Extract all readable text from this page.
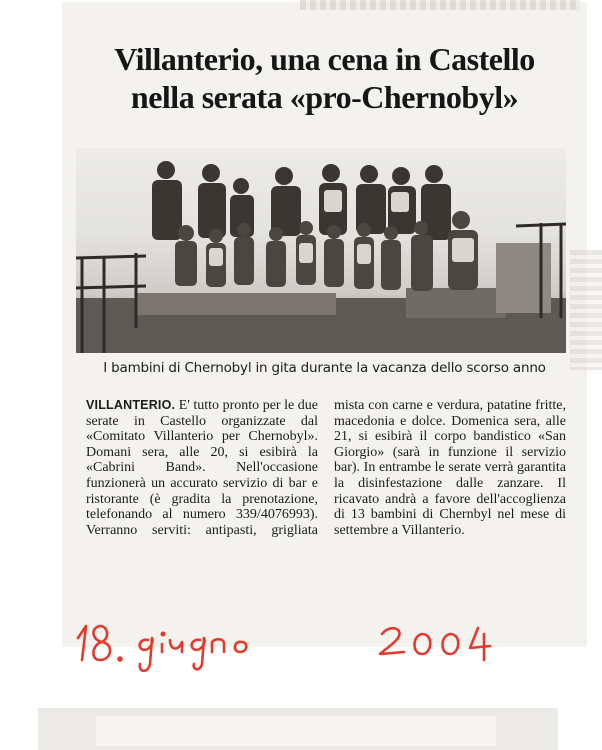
Villanterio, una cena in Castello
nella serata «pro-Chernobyl»
I bambini di Chernobyl in gita durante la vacanza dello scorso anno

VILLANTERIO. E' tutto pronto per le due serate in Castello organizzate dal «Comitato Villanterio per Chernobyl». Domani sera, alle 20, si esibirà la «Cabrini Band». Nell'occasione funzionerà un accurato servizio di bar e ristorante (è gradita la prenotazione, telefonando al numero 339/4076993). Verranno serviti: antipasti, grigliata mista con carne e verdura, patatine fritte, macedonia e dolce. Domenica sera, alle 21, si esibirà il corpo bandistico «San Giorgio» (sarà in funzione il servizio bar). In entrambe le serate verrà garantita la disinfestazione dalle zanzare. Il ricavato andrà a favore dell'accoglienza di 13 bambini di Chernbyl nel mese di settembre a Villanterio.
